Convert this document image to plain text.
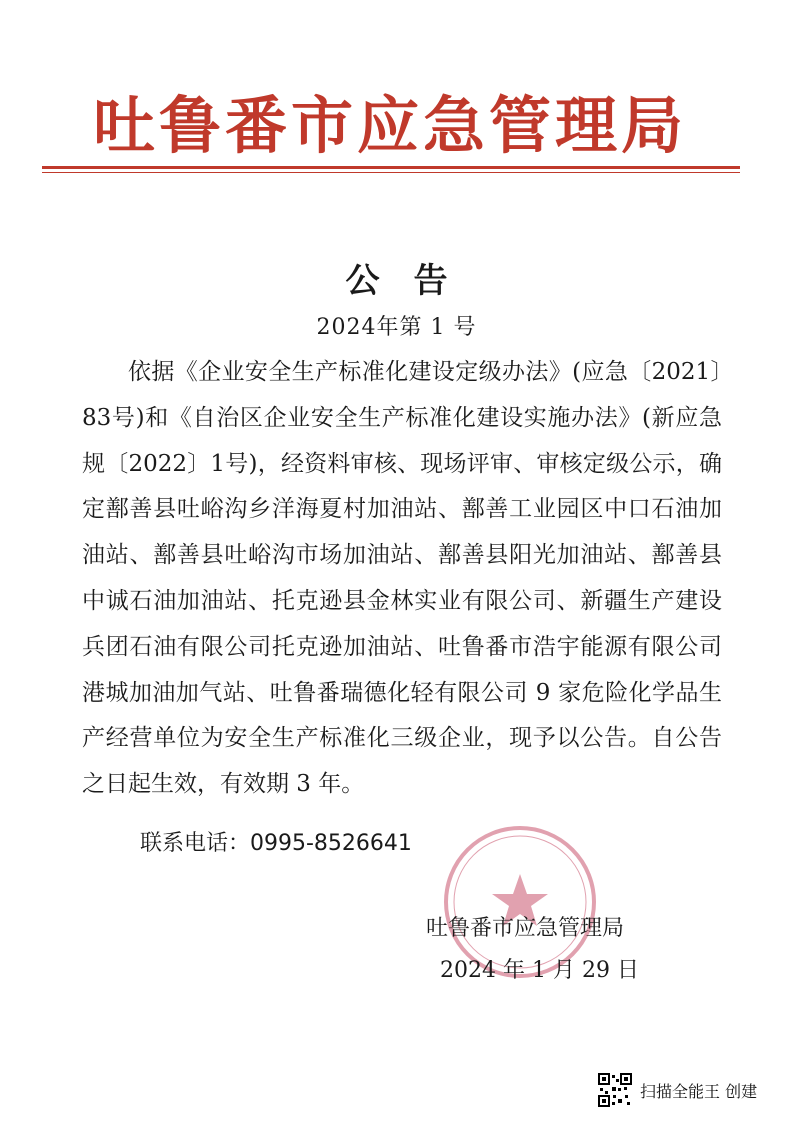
吐鲁番市应急管理局
公　告
2024年第 1 号

依据《企业安全生产标准化建设定级办法》(应急〔2021〕83号)和《自治区企业安全生产标准化建设实施办法》(新应急规〔2022〕1号)，经资料审核、现场评审、审核定级公示，确定鄯善县吐峪沟乡洋海夏村加油站、鄯善工业园区中口石油加油站、鄯善县吐峪沟市场加油站、鄯善县阳光加油站、鄯善县中诚石油加油站、托克逊县金林实业有限公司、新疆生产建设兵团石油有限公司托克逊加油站、吐鲁番市浩宇能源有限公司港城加油加气站、吐鲁番瑞德化轻有限公司 9 家危险化学品生产经营单位为安全生产标准化三级企业，现予以公告。自公告之日起生效，有效期 3 年。

联系电话：0995-8526641
吐鲁番市应急管理局
2024 年 1 月 29 日
扫描全能王 创建
